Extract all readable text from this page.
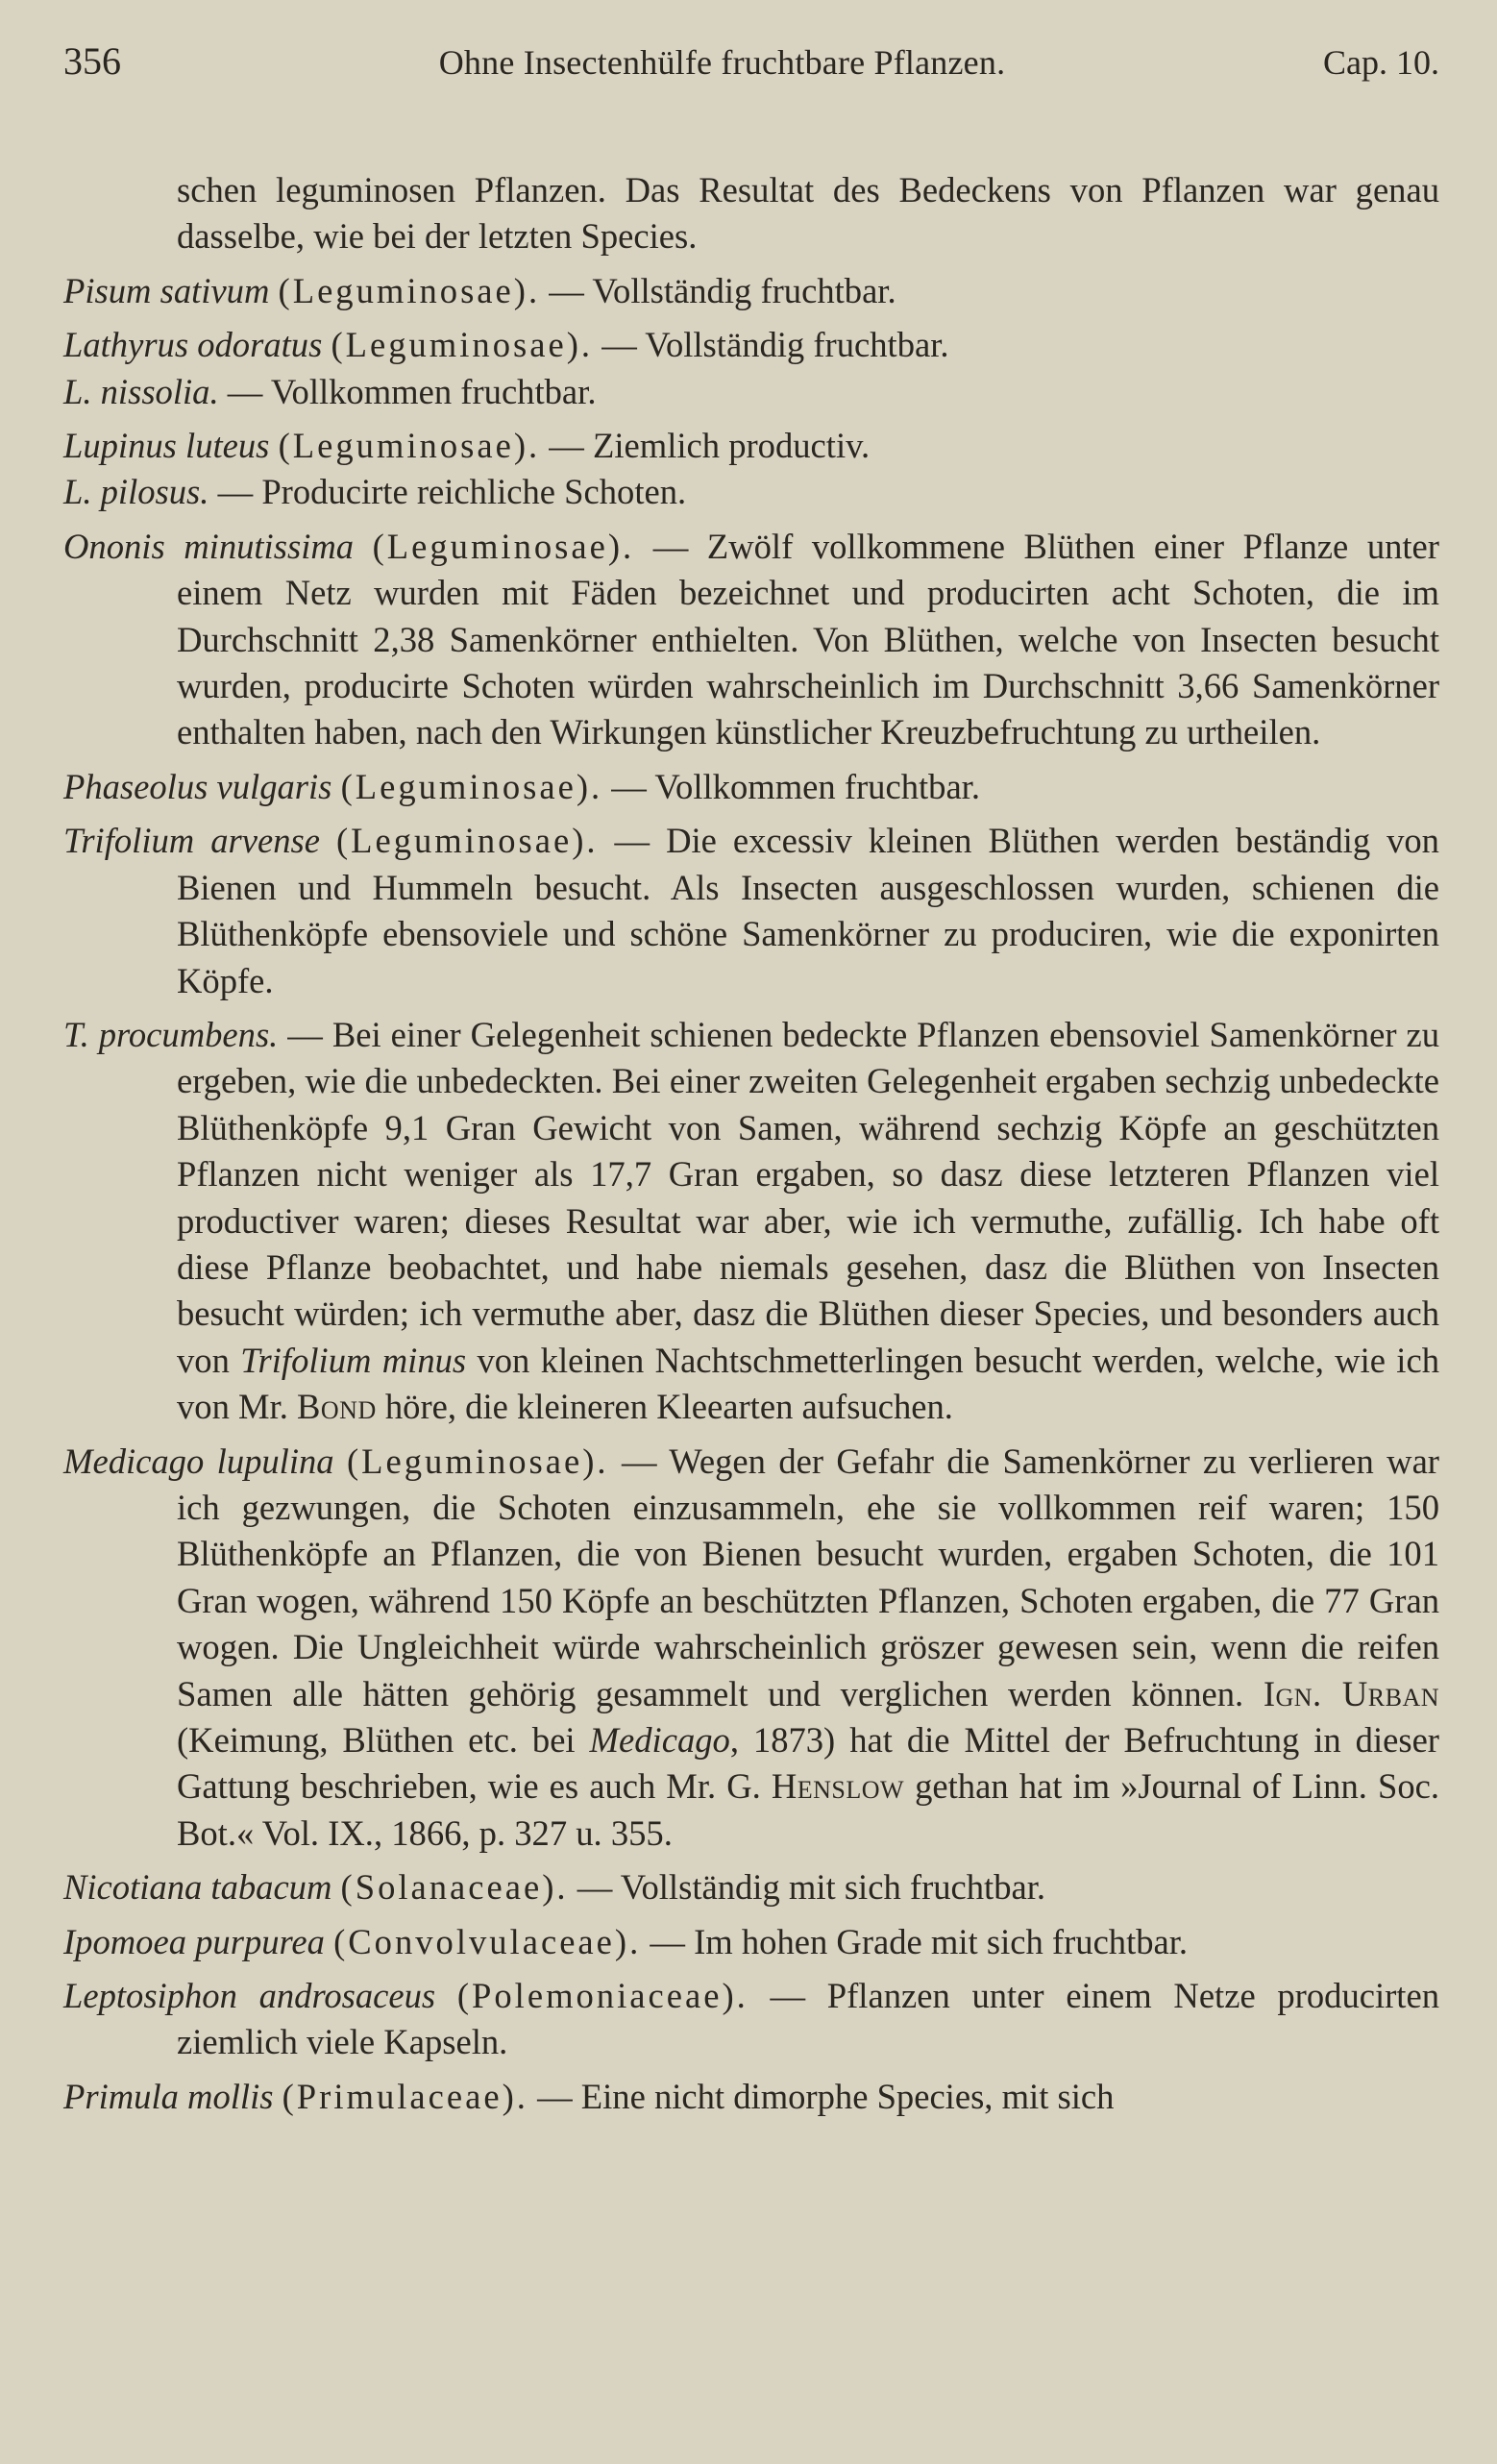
356	Ohne Insectenhülfe fruchtbare Pflanzen.	Cap. 10.

schen leguminosen Pflanzen. Das Resultat des Bedeckens von Pflanzen war genau dasselbe, wie bei der letzten Species.

Pisum sativum (Leguminosae). — Vollständig fruchtbar.

Lathyrus odoratus (Leguminosae). — Vollständig fruchtbar.

L. nissolia. — Vollkommen fruchtbar.

Lupinus luteus (Leguminosae). — Ziemlich productiv.

L. pilosus. — Producirte reichliche Schoten.

Ononis minutissima (Leguminosae). — Zwölf vollkommene Blüthen einer Pflanze unter einem Netz wurden mit Fäden bezeichnet und producirten acht Schoten, die im Durchschnitt 2,38 Samenkörner enthielten. Von Blüthen, welche von Insecten besucht wurden, producirte Schoten würden wahrscheinlich im Durchschnitt 3,66 Samenkörner enthalten haben, nach den Wirkungen künstlicher Kreuzbefruchtung zu urtheilen.

Phaseolus vulgaris (Leguminosae). — Vollkommen fruchtbar.

Trifolium arvense (Leguminosae). — Die excessiv kleinen Blüthen werden beständig von Bienen und Hummeln besucht. Als Insecten ausgeschlossen wurden, schienen die Blüthenköpfe ebensoviele und schöne Samenkörner zu produciren, wie die exponirten Köpfe.

T. procumbens. — Bei einer Gelegenheit schienen bedeckte Pflanzen ebensoviel Samenkörner zu ergeben, wie die unbedeckten. Bei einer zweiten Gelegenheit ergaben sechzig unbedeckte Blüthenköpfe 9,1 Gran Gewicht von Samen, während sechzig Köpfe an geschützten Pflanzen nicht weniger als 17,7 Gran ergaben, so dasz diese letzteren Pflanzen viel productiver waren; dieses Resultat war aber, wie ich vermuthe, zufällig. Ich habe oft diese Pflanze beobachtet, und habe niemals gesehen, dasz die Blüthen von Insecten besucht würden; ich vermuthe aber, dasz die Blüthen dieser Species, und besonders auch von Trifolium minus von kleinen Nachtschmetterlingen besucht werden, welche, wie ich von Mr. Bond höre, die kleineren Kleearten aufsuchen.

Medicago lupulina (Leguminosae). — Wegen der Gefahr die Samenkörner zu verlieren war ich gezwungen, die Schoten einzusammeln, ehe sie vollkommen reif waren; 150 Blüthenköpfe an Pflanzen, die von Bienen besucht wurden, ergaben Schoten, die 101 Gran wogen, während 150 Köpfe an beschützten Pflanzen, Schoten ergaben, die 77 Gran wogen. Die Ungleichheit würde wahrscheinlich gröszer gewesen sein, wenn die reifen Samen alle hätten gehörig gesammelt und verglichen werden können. Ign. Urban (Keimung, Blüthen etc. bei Medicago, 1873) hat die Mittel der Befruchtung in dieser Gattung beschrieben, wie es auch Mr. G. Henslow gethan hat im »Journal of Linn. Soc. Bot.« Vol. IX., 1866, p. 327 u. 355.

Nicotiana tabacum (Solanaceae). — Vollständig mit sich fruchtbar.

Ipomoea purpurea (Convolvulaceae). — Im hohen Grade mit sich fruchtbar.

Leptosiphon androsaceus (Polemoniaceae). — Pflanzen unter einem Netze producirten ziemlich viele Kapseln.

Primula mollis (Primulaceae). — Eine nicht dimorphe Species, mit sich
